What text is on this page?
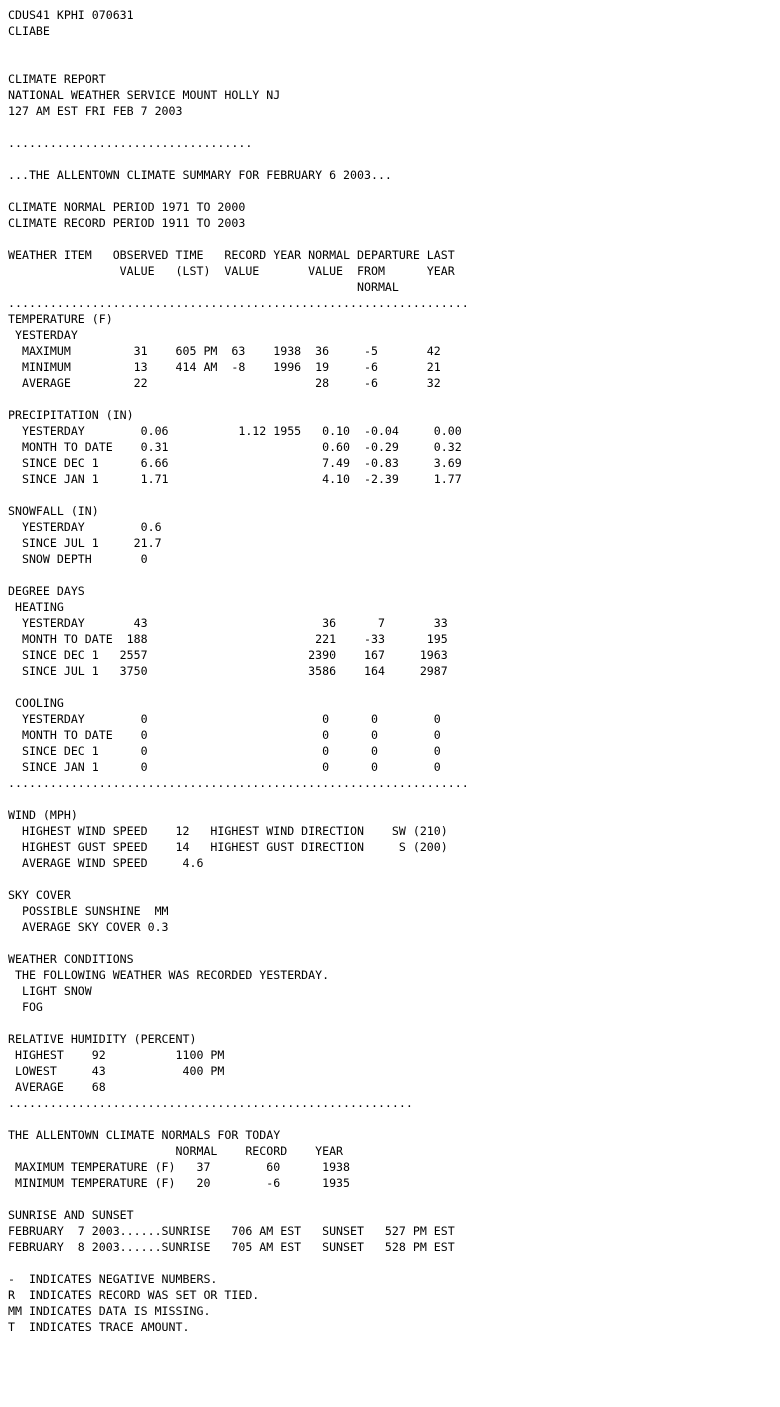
CDUS41 KPHI 070631
CLIABE
CLIMATE REPORT
NATIONAL WEATHER SERVICE MOUNT HOLLY NJ
127 AM EST FRI FEB 7 2003
...................................
...THE ALLENTOWN CLIMATE SUMMARY FOR FEBRUARY 6 2003...
CLIMATE NORMAL PERIOD 1971 TO 2000
CLIMATE RECORD PERIOD 1911 TO 2003
WEATHER ITEM   OBSERVED TIME   RECORD YEAR NORMAL DEPARTURE LAST
VALUE   (LST)  VALUE       VALUE  FROM      YEAR
NORMAL
..................................................................
TEMPERATURE (F)
YESTERDAY
MAXIMUM         31    605 PM  63    1938  36     -5       42
MINIMUM         13    414 AM  -8    1996  19     -6       21
AVERAGE         22                        28     -6       32
PRECIPITATION (IN)
YESTERDAY        0.06          1.12 1955   0.10  -0.04     0.00
MONTH TO DATE    0.31                      0.60  -0.29     0.32
SINCE DEC 1      6.66                      7.49  -0.83     3.69
SINCE JAN 1      1.71                      4.10  -2.39     1.77
SNOWFALL (IN)
YESTERDAY        0.6
SINCE JUL 1     21.7
SNOW DEPTH       0
DEGREE DAYS
HEATING
YESTERDAY       43                         36      7       33
MONTH TO DATE  188                        221    -33      195
SINCE DEC 1   2557                       2390    167     1963
SINCE JUL 1   3750                       3586    164     2987
COOLING
YESTERDAY        0                         0      0        0
MONTH TO DATE    0                         0      0        0
SINCE DEC 1      0                         0      0        0
SINCE JAN 1      0                         0      0        0
..................................................................
WIND (MPH)
HIGHEST WIND SPEED    12   HIGHEST WIND DIRECTION    SW (210)
HIGHEST GUST SPEED    14   HIGHEST GUST DIRECTION     S (200)
AVERAGE WIND SPEED     4.6
SKY COVER
POSSIBLE SUNSHINE  MM
AVERAGE SKY COVER 0.3
WEATHER CONDITIONS
THE FOLLOWING WEATHER WAS RECORDED YESTERDAY.
LIGHT SNOW
FOG
RELATIVE HUMIDITY (PERCENT)
HIGHEST    92          1100 PM
LOWEST     43           400 PM
AVERAGE    68
..........................................................
THE ALLENTOWN CLIMATE NORMALS FOR TODAY
NORMAL    RECORD    YEAR
MAXIMUM TEMPERATURE (F)   37        60      1938
MINIMUM TEMPERATURE (F)   20        -6      1935
SUNRISE AND SUNSET
FEBRUARY  7 2003......SUNRISE   706 AM EST   SUNSET   527 PM EST
FEBRUARY  8 2003......SUNRISE   705 AM EST   SUNSET   528 PM EST
-  INDICATES NEGATIVE NUMBERS.
R  INDICATES RECORD WAS SET OR TIED.
MM INDICATES DATA IS MISSING.
T  INDICATES TRACE AMOUNT.
